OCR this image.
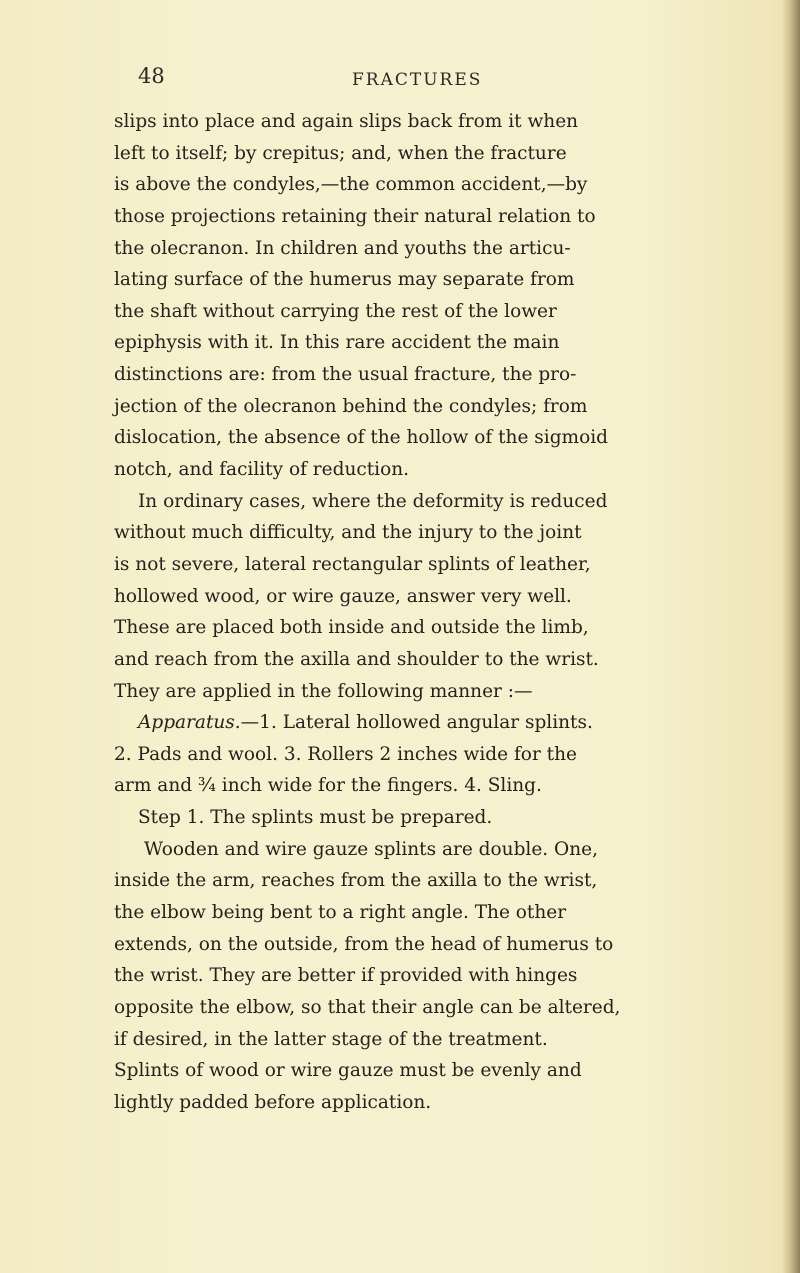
48	FRACTURES
slips into place and again slips back from it when
left to itself; by crepitus; and, when the fracture
is above the condyles,—the common accident,—by
those projections retaining their natural relation to
the olecranon. In children and youths the articu-
lating surface of the humerus may separate from
the shaft without carrying the rest of the lower
epiphysis with it. In this rare accident the main
distinctions are: from the usual fracture, the pro-
jection of the olecranon behind the condyles; from
dislocation, the absence of the hollow of the sigmoid
notch, and facility of reduction.
In ordinary cases, where the deformity is reduced
without much difficulty, and the injury to the joint
is not severe, lateral rectangular splints of leather,
hollowed wood, or wire gauze, answer very well.
These are placed both inside and outside the limb,
and reach from the axilla and shoulder to the wrist.
They are applied in the following manner :—
Apparatus.—1. Lateral hollowed angular splints.
2. Pads and wool. 3. Rollers 2 inches wide for the
arm and ¾ inch wide for the fingers. 4. Sling.
Step 1. The splints must be prepared.
Wooden and wire gauze splints are double. One,
inside the arm, reaches from the axilla to the wrist,
the elbow being bent to a right angle. The other
extends, on the outside, from the head of humerus to
the wrist. They are better if provided with hinges
opposite the elbow, so that their angle can be altered,
if desired, in the latter stage of the treatment.
Splints of wood or wire gauze must be evenly and
lightly padded before application.
